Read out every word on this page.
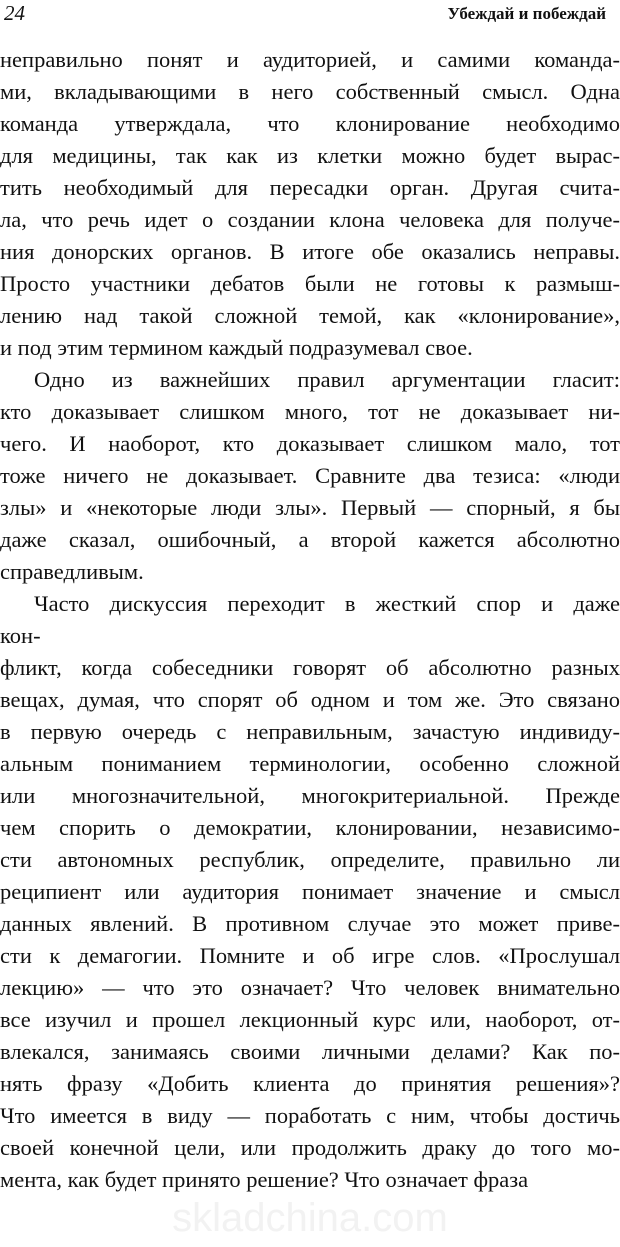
24	Убеждай и побеждай
неправильно понят и аудиторией, и самими команда-
ми, вкладывающими в него собственный смысл. Одна
команда утверждала, что клонирование необходимо
для медицины, так как из клетки можно будет вырас-
тить необходимый для пересадки орган. Другая счита-
ла, что речь идет о создании клона человека для получе-
ния донорских органов. В итоге обе оказались неправы.
Просто участники дебатов были не готовы к размыш-
лению над такой сложной темой, как «клонирование»,
и под этим термином каждый подразумевал свое.
Одно из важнейших правил аргументации гласит:
кто доказывает слишком много, тот не доказывает ни-
чего. И наоборот, кто доказывает слишком мало, тот
тоже ничего не доказывает. Сравните два тезиса: «люди
злы» и «некоторые люди злы». Первый — спорный, я бы
даже сказал, ошибочный, а второй кажется абсолютно
справедливым.
Часто дискуссия переходит в жесткий спор и даже
кон-
фликт, когда собеседники говорят об абсолютно разных
вещах, думая, что спорят об одном и том же. Это связано
в первую очередь с неправильным, зачастую индивиду-
альным пониманием терминологии, особенно сложной
или многозначительной, многокритериальной. Прежде
чем спорить о демократии, клонировании, независимо-
сти автономных республик, определите, правильно ли
реципиент или аудитория понимает значение и смысл
данных явлений. В противном случае это может приве-
сти к демагогии. Помните и об игре слов. «Прослушал
лекцию» — что это означает? Что человек внимательно
все изучил и прошел лекционный курс или, наоборот, от-
влекался, занимаясь своими личными делами? Как по-
нять фразу «Добить клиента до принятия решения»?
Что имеется в виду — поработать с ним, чтобы достичь
своей конечной цели, или продолжить драку до того мо-
мента, как будет принято решение? Что означает фраза
skladchina.com
